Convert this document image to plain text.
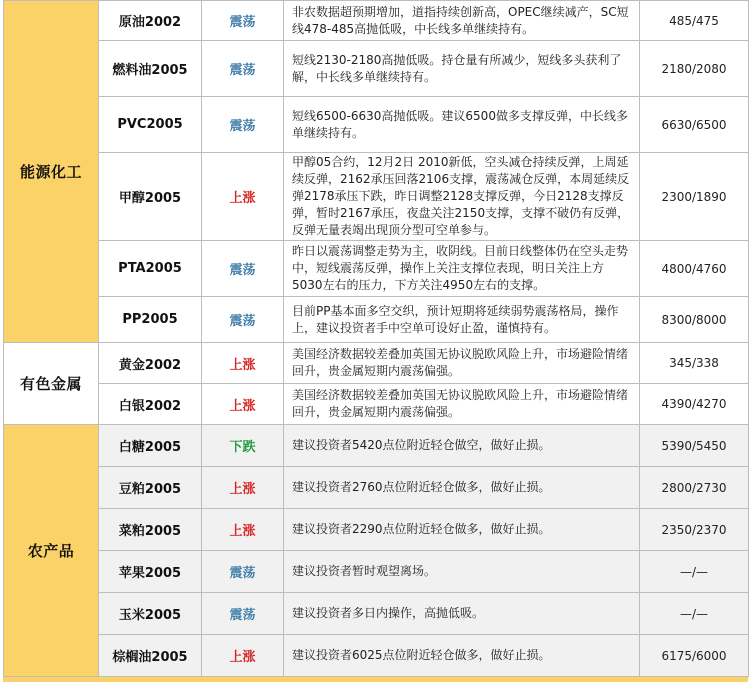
能源化工	原油2002	震荡	非农数据超预期增加，道指持续创新高，OPEC继续减产，SC短线478-485高抛低吸，中长线多单继续持有。	485/475
	燃料油2005	震荡	短线2130-2180高抛低吸。持仓量有所减少，短线多头获利了解，中长线多单继续持有。	2180/2080
	PVC2005	震荡	短线6500-6630高抛低吸。建议6500做多支撑反弹，中长线多单继续持有。	6630/6500
	甲醇2005	上涨	甲醇05合约，12月2日 2010新低，空头减仓持续反弹，上周延续反弹，2162承压回落2106支撑，震荡减仓反弹，本周延续反弹2178承压下跌，昨日调整2128支撑反弹，今日2128支撑反弹，暂时2167承压，夜盘关注2150支撑，支撑不破仍有反弹，反弹无量表竭出现顶分型可空单参与。	2300/1890
	PTA2005	震荡	昨日以震荡调整走势为主，收阴线。目前日线整体仍在空头走势中，短线震荡反弹，操作上关注支撑位表现，明日关注上方5030左右的压力，下方关注4950左右的支撑。	4800/4760
	PP2005	震荡	目前PP基本面多空交织，预计短期将延续弱势震荡格局，操作上，建议投资者手中空单可设好止盈，谨慎持有。	8300/8000
有色金属	黄金2002	上涨	美国经济数据较差叠加英国无协议脱欧风险上升，市场避险情绪回升，贵金属短期内震荡偏强。	345/338
	白银2002	上涨	美国经济数据较差叠加英国无协议脱欧风险上升，市场避险情绪回升，贵金属短期内震荡偏强。	4390/4270
农产品	白糖2005	下跌	建议投资者5420点位附近轻仓做空，做好止损。	5390/5450
	豆粕2005	上涨	建议投资者2760点位附近轻仓做多，做好止损。	2800/2730
	菜粕2005	上涨	建议投资者2290点位附近轻仓做多，做好止损。	2350/2370
	苹果2005	震荡	建议投资者暂时观望离场。	—/—
	玉米2005	震荡	建议投资者多日内操作，高抛低吸。	—/—
	棕榈油2005	上涨	建议投资者6025点位附近轻仓做多，做好止损。	6175/6000
